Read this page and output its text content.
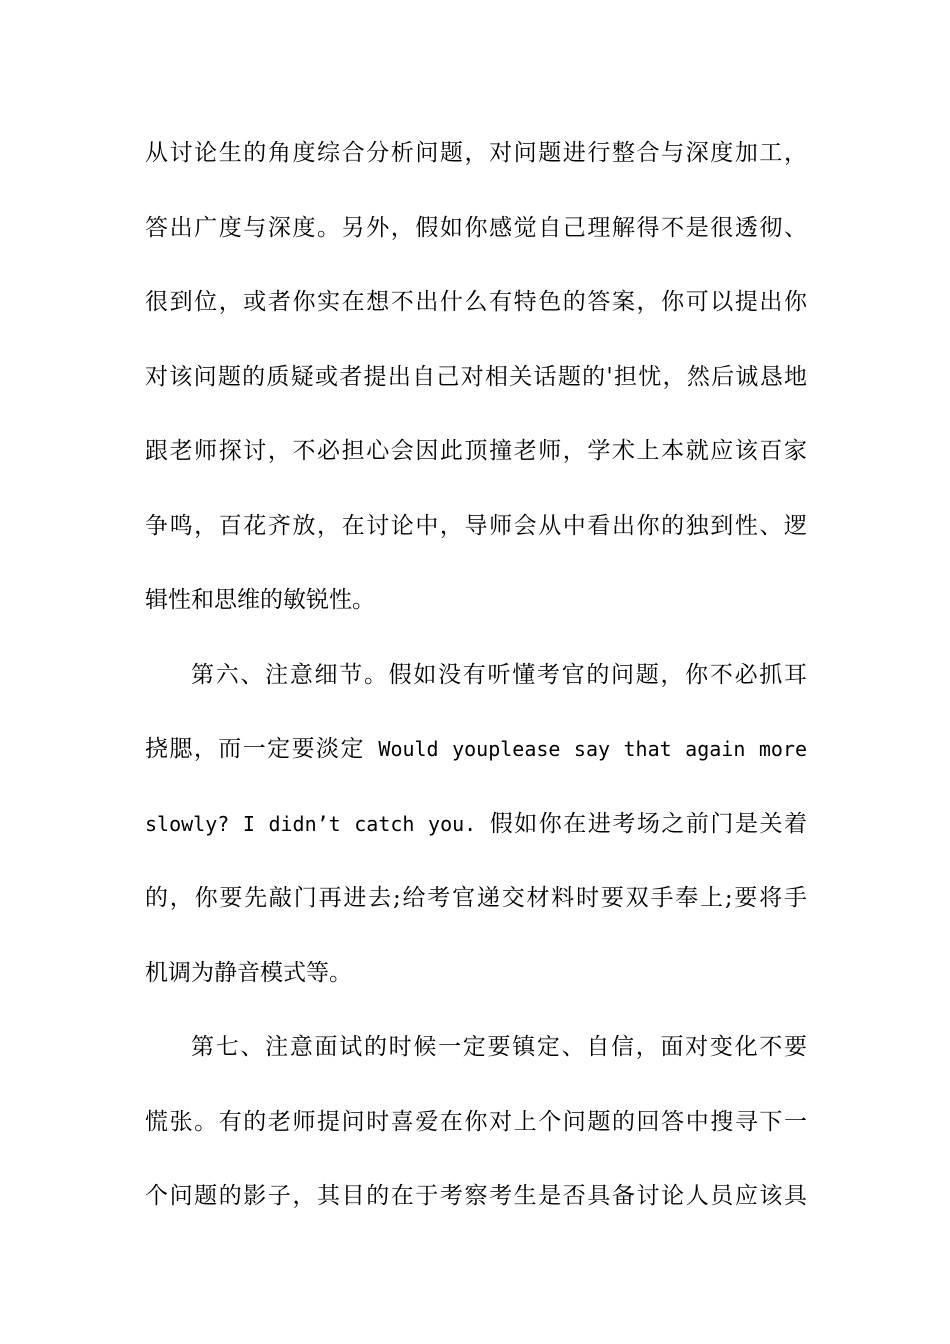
从讨论生的角度综合分析问题，对问题进行整合与深度加工，
答出广度与深度。另外，假如你感觉自己理解得不是很透彻、
很到位，或者你实在想不出什么有特色的答案，你可以提出你
对该问题的质疑或者提出自己对相关话题的'担忧，然后诚恳地
跟老师探讨，不必担心会因此顶撞老师，学术上本就应该百家
争鸣，百花齐放，在讨论中，导师会从中看出你的独到性、逻
辑性和思维的敏锐性。
第六、注意细节。假如没有听懂考官的问题，你不必抓耳
挠腮，而一定要淡定 Would youplease say that again more
slowly? I didn’t catch you. 假如你在进考场之前门是关着
的，你要先敲门再进去;给考官递交材料时要双手奉上;要将手
机调为静音模式等。
第七、注意面试的时候一定要镇定、自信，面对变化不要
慌张。有的老师提问时喜爱在你对上个问题的回答中搜寻下一
个问题的影子，其目的在于考察考生是否具备讨论人员应该具
